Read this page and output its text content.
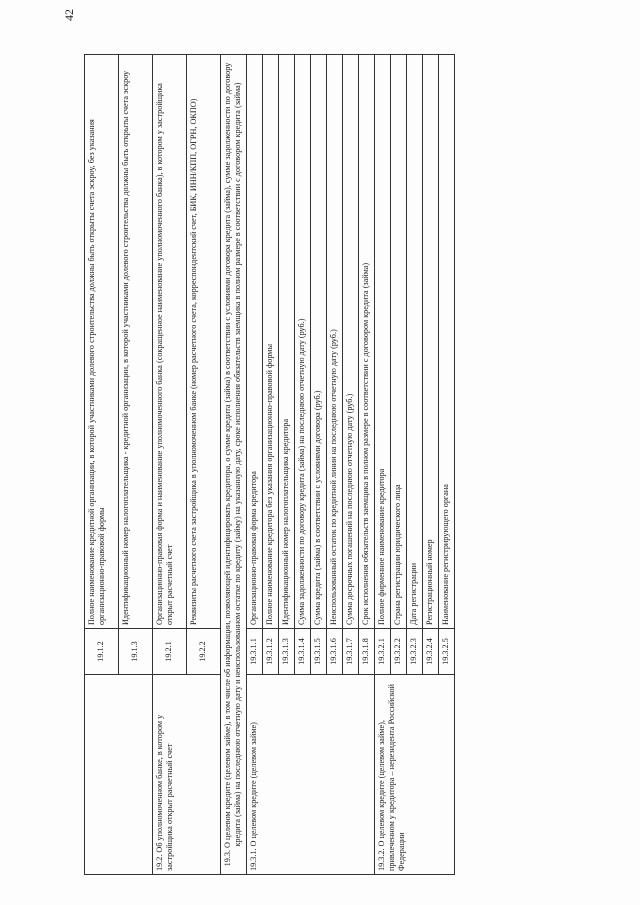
42
	19.1.2	Полное наименование кредитной организации, в которой участниками долевого строительства должны быть открыты счета эскроу, без указания организационно-правовой формы
	19.1.3	Идентификационный номер налогоплательщика - кредитной организации, в которой участниками долевого строительства должны быть открыты счета эскроу
19.2. Об уполномоченном банке, в котором у застройщика открыт расчетный счет	19.2.1	Организационно-правовая форма и наименование уполномоченного банка (сокращенное наименование уполномоченного банка), в котором у застройщика открыт расчетный счет
	19.2.2	Реквизиты расчетного счета застройщика в уполномоченном банке (номер расчетного счета, корреспондентский счет, БИК, ИНН/КПП, ОГРН, ОКПО)
19.3. О целевом кредите (целевом займе), в том числе об информации, позволяющей идентифицировать кредитора, о сумме кредита (займа) в соответствии с условиями договора кредита (займа), сумме задолженности по договору кредита (займа) на последнюю отчетную дату и неиспользованном остатке по кредиту (займу) на указанную дату, сроке исполнения обязательств заемщика в полном размере в соответствии с договором кредита (займа)		
19.3.1. О целевом кредите (целевом займе)	19.3.1.1	Организационно-правовая форма кредитора
	19.3.1.2	Полное наименование кредитора без указания организационно-правовой формы
	19.3.1.3	Идентификационный номер налогоплательщика кредитора
	19.3.1.4	Сумма задолженности по договору кредита (займа) на последнюю отчетную дату (руб.)
	19.3.1.5	Сумма кредита (займа) в соответствии с условиями договора (руб.)
	19.3.1.6	Неиспользованный остаток по кредитной линии на последнюю отчетную дату (руб.)
	19.3.1.7	Сумма досрочных погашений на последнюю отчетную дату (руб.)
	19.3.1.8	Срок исполнения обязательств заемщика в полном размере в соответствии с договором кредита (займа)
19.3.2. О целевом кредите (целевом займе), привлеченном у кредитора – нерезидента Российской Федерации	19.3.2.1	Полное фирменное наименование кредитора
	19.3.2.2	Страна регистрации юридического лица
	19.3.2.3	Дата регистрации
	19.3.2.4	Регистрационный номер
	19.3.2.5	Наименование регистрирующего органа
